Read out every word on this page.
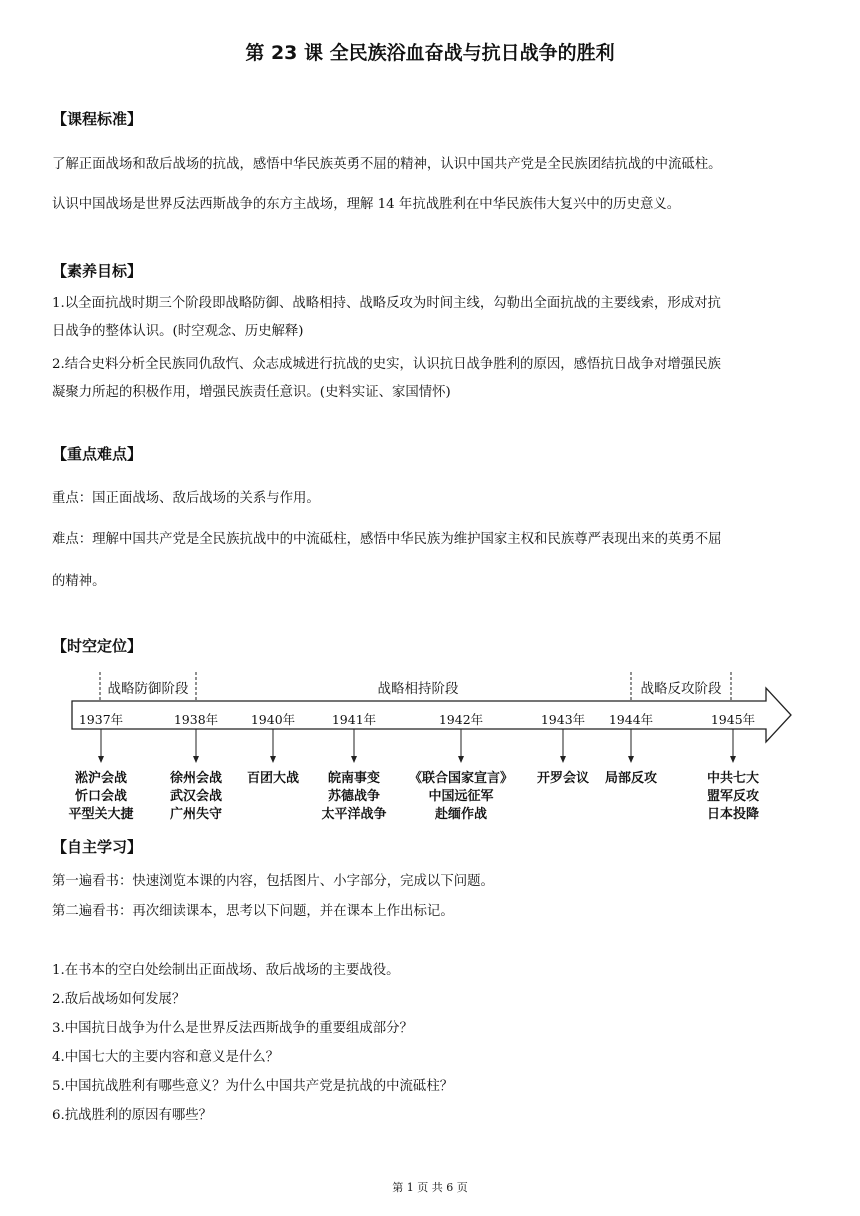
第 23 课 全民族浴血奋战与抗日战争的胜利
【课程标准】
了解正面战场和敌后战场的抗战，感悟中华民族英勇不屈的精神，认识中国共产党是全民族团结抗战的中流砥柱。
认识中国战场是世界反法西斯战争的东方主战场，理解 14 年抗战胜利在中华民族伟大复兴中的历史意义。
【素养目标】
1.以全面抗战时期三个阶段即战略防御、战略相持、战略反攻为时间主线，勾勒出全面抗战的主要线索，形成对抗
日战争的整体认识。(时空观念、历史解释)
2.结合史料分析全民族同仇敌忾、众志成城进行抗战的史实，认识抗日战争胜利的原因，感悟抗日战争对增强民族
凝聚力所起的积极作用，增强民族责任意识。(史料实证、家国情怀)
【重点难点】
重点：国正面战场、敌后战场的关系与作用。
难点：理解中国共产党是全民族抗战中的中流砥柱，感悟中华民族为维护国家主权和民族尊严表现出来的英勇不屈
的精神。
【时空定位】
战略防御阶段	战略相持阶段	战略反攻阶段
1937年
淞沪会战
忻口会战
平型关大捷
1938年
徐州会战
武汉会战
广州失守
1940年
百团大战
1941年
皖南事变
苏德战争
太平洋战争
1942年
《联合国家宣言》
中国远征军
赴缅作战
1943年
开罗会议
1944年
局部反攻
1945年
中共七大
盟军反攻
日本投降
【自主学习】
第一遍看书：快速浏览本课的内容，包括图片、小字部分，完成以下问题。
第二遍看书：再次细读课本，思考以下问题，并在课本上作出标记。
1.在书本的空白处绘制出正面战场、敌后战场的主要战役。
2.敌后战场如何发展？
3.中国抗日战争为什么是世界反法西斯战争的重要组成部分？
4.中国七大的主要内容和意义是什么？
5.中国抗战胜利有哪些意义？为什么中国共产党是抗战的中流砥柱？
6.抗战胜利的原因有哪些？
第 1 页 共 6 页
